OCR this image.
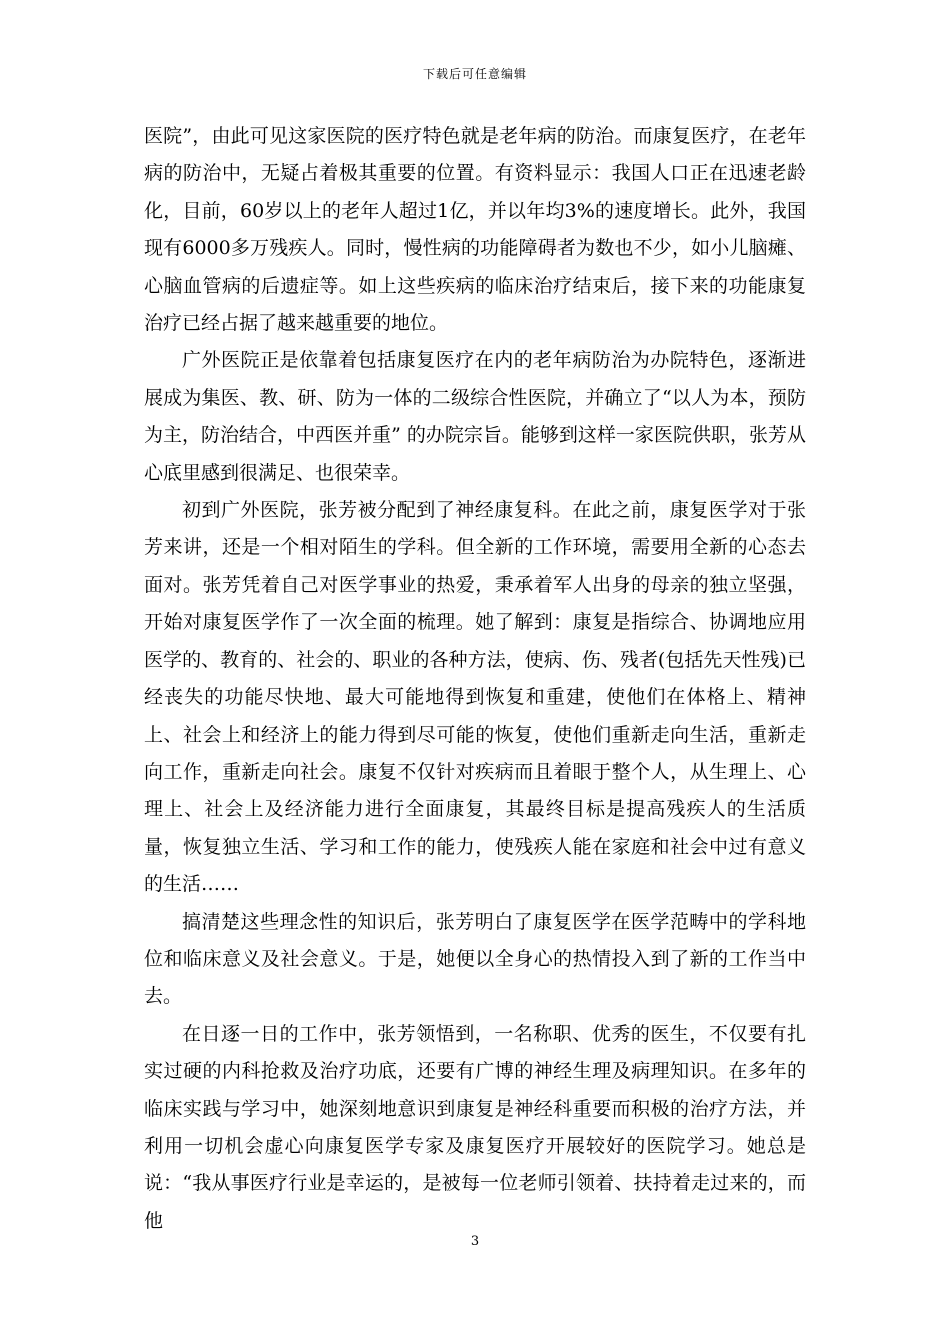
下载后可任意编辑

医院”，由此可见这家医院的医疗特色就是老年病的防治。而康复医疗，在老年病的防治中，无疑占着极其重要的位置。有资料显示：我国人口正在迅速老龄化，目前，60岁以上的老年人超过1亿，并以年均3%的速度增长。此外，我国现有6000多万残疾人。同时，慢性病的功能障碍者为数也不少，如小儿脑瘫、心脑血管病的后遗症等。如上这些疾病的临床治疗结束后，接下来的功能康复治疗已经占据了越来越重要的地位。

广外医院正是依靠着包括康复医疗在内的老年病防治为办院特色，逐渐进展成为集医、教、研、防为一体的二级综合性医院，并确立了“以人为本，预防为主，防治结合，中西医并重” 的办院宗旨。能够到这样一家医院供职，张芳从心底里感到很满足、也很荣幸。

初到广外医院，张芳被分配到了神经康复科。在此之前，康复医学对于张芳来讲，还是一个相对陌生的学科。但全新的工作环境，需要用全新的心态去面对。张芳凭着自己对医学事业的热爱，秉承着军人出身的母亲的独立坚强，开始对康复医学作了一次全面的梳理。她了解到：康复是指综合、协调地应用医学的、教育的、社会的、职业的各种方法，使病、伤、残者(包括先天性残)已经丧失的功能尽快地、最大可能地得到恢复和重建，使他们在体格上、精神上、社会上和经济上的能力得到尽可能的恢复，使他们重新走向生活，重新走向工作，重新走向社会。康复不仅针对疾病而且着眼于整个人，从生理上、心理上、社会上及经济能力进行全面康复，其最终目标是提高残疾人的生活质量，恢复独立生活、学习和工作的能力，使残疾人能在家庭和社会中过有意义的生活……

搞清楚这些理念性的知识后，张芳明白了康复医学在医学范畴中的学科地位和临床意义及社会意义。于是，她便以全身心的热情投入到了新的工作当中去。

在日逐一日的工作中，张芳领悟到，一名称职、优秀的医生，不仅要有扎实过硬的内科抢救及治疗功底，还要有广博的神经生理及病理知识。在多年的临床实践与学习中，她深刻地意识到康复是神经科重要而积极的治疗方法，并利用一切机会虚心向康复医学专家及康复医疗开展较好的医院学习。她总是说：“我从事医疗行业是幸运的，是被每一位老师引领着、扶持着走过来的，而他

3
